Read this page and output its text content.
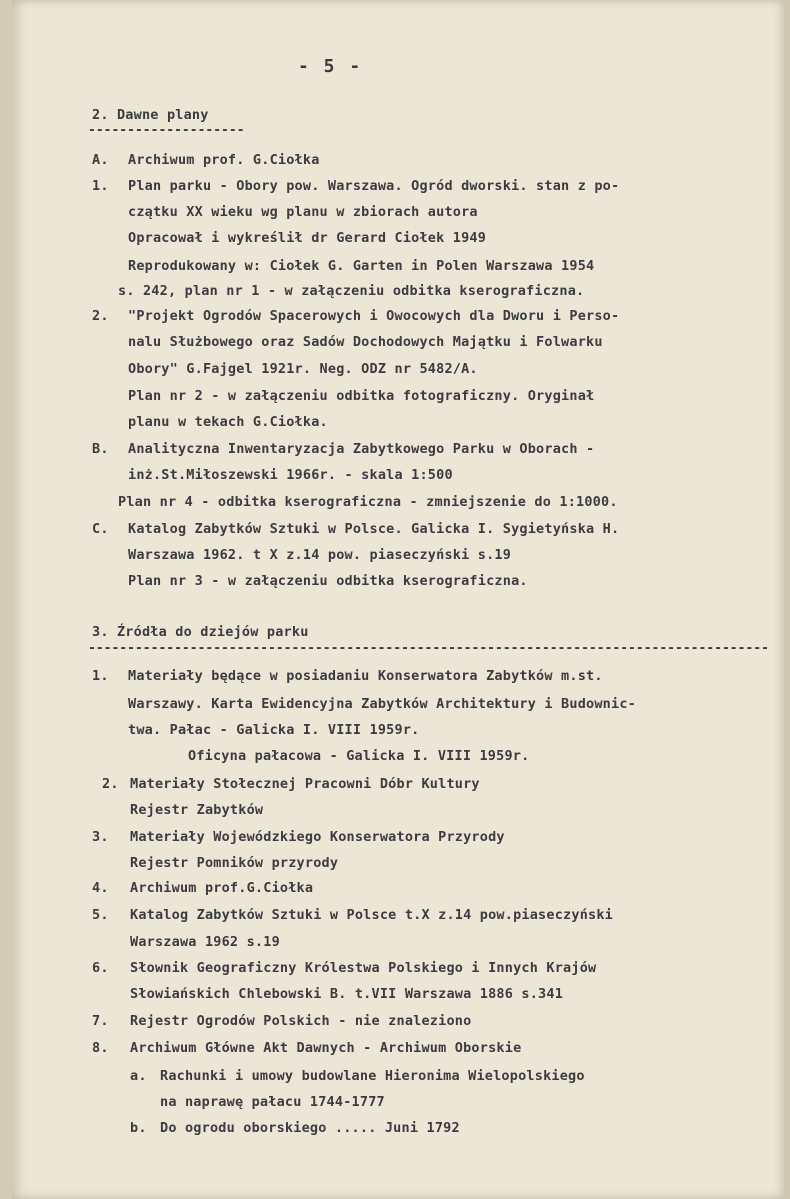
- 5 -

2. Dawne plany

--------------------

A. Archiwum prof. G.Ciołka

1. Plan parku - Obory pow. Warszawa. Ogród dworski. stan z po-

czątku XX wieku wg planu w zbiorach autora

Opracował i wykreślił dr Gerard Ciołek 1949

Reprodukowany w: Ciołek G. Garten in Polen Warszawa 1954

s. 242, plan nr 1 - w załączeniu odbitka kserograficzna.

2. "Projekt Ogrodów Spacerowych i Owocowych dla Dworu i Perso-

nalu Służbowego oraz Sadów Dochodowych Majątku i Folwarku

Obory" G.Fajgel 1921r. Neg. ODZ nr 5482/A.

Plan nr 2 - w załączeniu odbitka fotograficzny. Oryginał

planu w tekach G.Ciołka.

B. Analityczna Inwentaryzacja Zabytkowego Parku w Oborach -

inż.St.Miłoszewski 1966r. - skala 1:500

Plan nr 4 - odbitka kserograficzna - zmniejszenie do 1:1000.

C. Katalog Zabytków Sztuki w Polsce. Galicka I. Sygietyńska H.

Warszawa 1962. t X z.14 pow. piaseczyński s.19

Plan nr 3 - w załączeniu odbitka kserograficzna.

3. Źródła do dziejów parku

---------------------------------------------------------------------------------------

1. Materiały będące w posiadaniu Konserwatora Zabytków m.st.

Warszawy. Karta Ewidencyjna Zabytków Architektury i Budownic-

twa. Pałac - Galicka I. VIII 1959r.

Oficyna pałacowa - Galicka I. VIII 1959r.

2. Materiały Stołecznej Pracowni Dóbr Kultury

Rejestr Zabytków

3. Materiały Wojewódzkiego Konserwatora Przyrody

Rejestr Pomników przyrody

4. Archiwum prof.G.Ciołka

5. Katalog Zabytków Sztuki w Polsce t.X z.14 pow.piaseczyński

Warszawa 1962 s.19

6. Słownik Geograficzny Królestwa Polskiego i Innych Krajów

Słowiańskich Chlebowski B. t.VII Warszawa 1886 s.341

7. Rejestr Ogrodów Polskich - nie znaleziono

8. Archiwum Główne Akt Dawnych - Archiwum Oborskie

a. Rachunki i umowy budowlane Hieronima Wielopolskiego

na naprawę pałacu 1744-1777

b. Do ogrodu oborskiego ..... Juni 1792
